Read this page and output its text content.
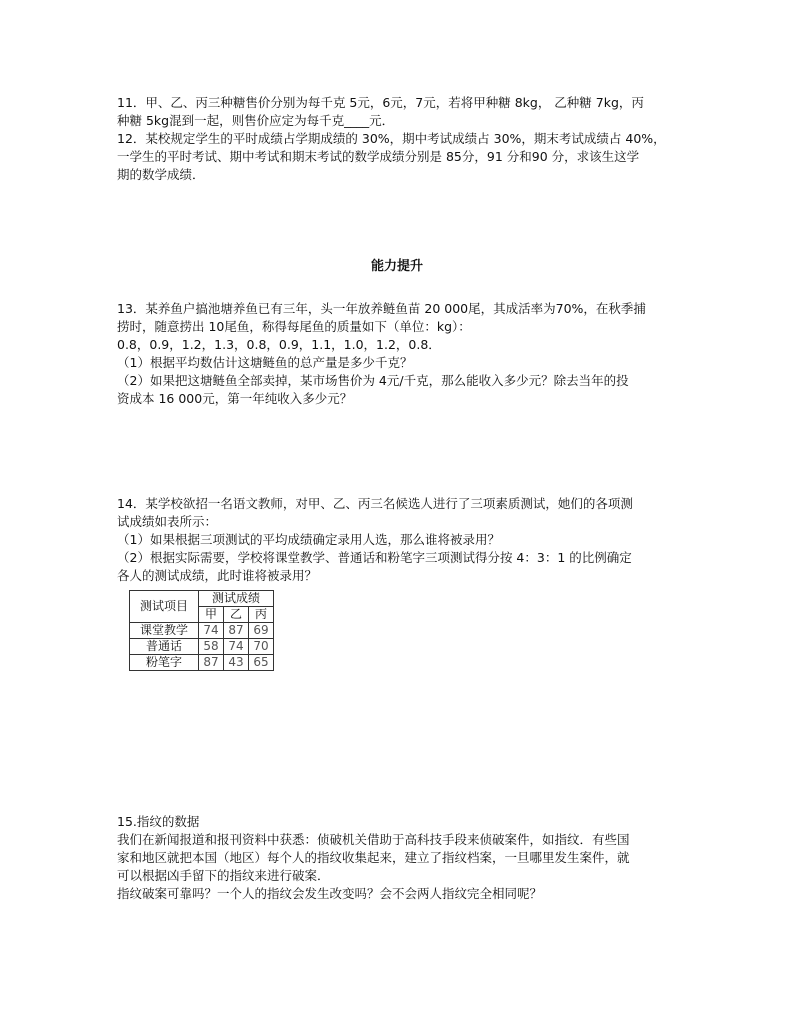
11．甲、乙、丙三种糖售价分别为每千克 5元，6元，7元，若将甲种糖 8kg， 乙种糖 7kg，丙
种糖 5kg混到一起，则售价应定为每千克____元．
12．某校规定学生的平时成绩占学期成绩的 30%，期中考试成绩占 30%，期末考试成绩占 40%，
一学生的平时考试、期中考试和期末考试的数学成绩分别是 85分，91 分和90 分，求该生这学
期的数学成绩．
能力提升
13．某养鱼户搞池塘养鱼已有三年，头一年放养鲢鱼苗 20 000尾，其成活率为70%，在秋季捕
捞时，随意捞出 10尾鱼，称得每尾鱼的质量如下（单位：kg）：
0.8，0.9，1.2，1.3，0.8，0.9，1.1，1.0，1.2，0.8．
（1）根据平均数估计这塘鲢鱼的总产量是多少千克？
（2）如果把这塘鲢鱼全部卖掉，某市场售价为 4元/千克，那么能收入多少元？除去当年的投
资成本 16 000元，第一年纯收入多少元？
14．某学校欲招一名语文教师，对甲、乙、丙三名候选人进行了三项素质测试，她们的各项测
试成绩如表所示：
（1）如果根据三项测试的平均成绩确定录用人选，那么谁将被录用？
（2）根据实际需要，学校将课堂教学、普通话和粉笔字三项测试得分按 4：3：1 的比例确定
各人的测试成绩，此时谁将被录用？
测试项目	测试成绩		
	甲	乙	丙
课堂教学	74	87	69
普通话	58	74	70
粉笔字	87	43	65
15.指纹的数据
我们在新闻报道和报刊资料中获悉：侦破机关借助于高科技手段来侦破案件，如指纹．有些国
家和地区就把本国（地区）每个人的指纹收集起来，建立了指纹档案，一旦哪里发生案件，就
可以根据凶手留下的指纹来进行破案．
指纹破案可靠吗？一个人的指纹会发生改变吗？会不会两人指纹完全相同呢？
